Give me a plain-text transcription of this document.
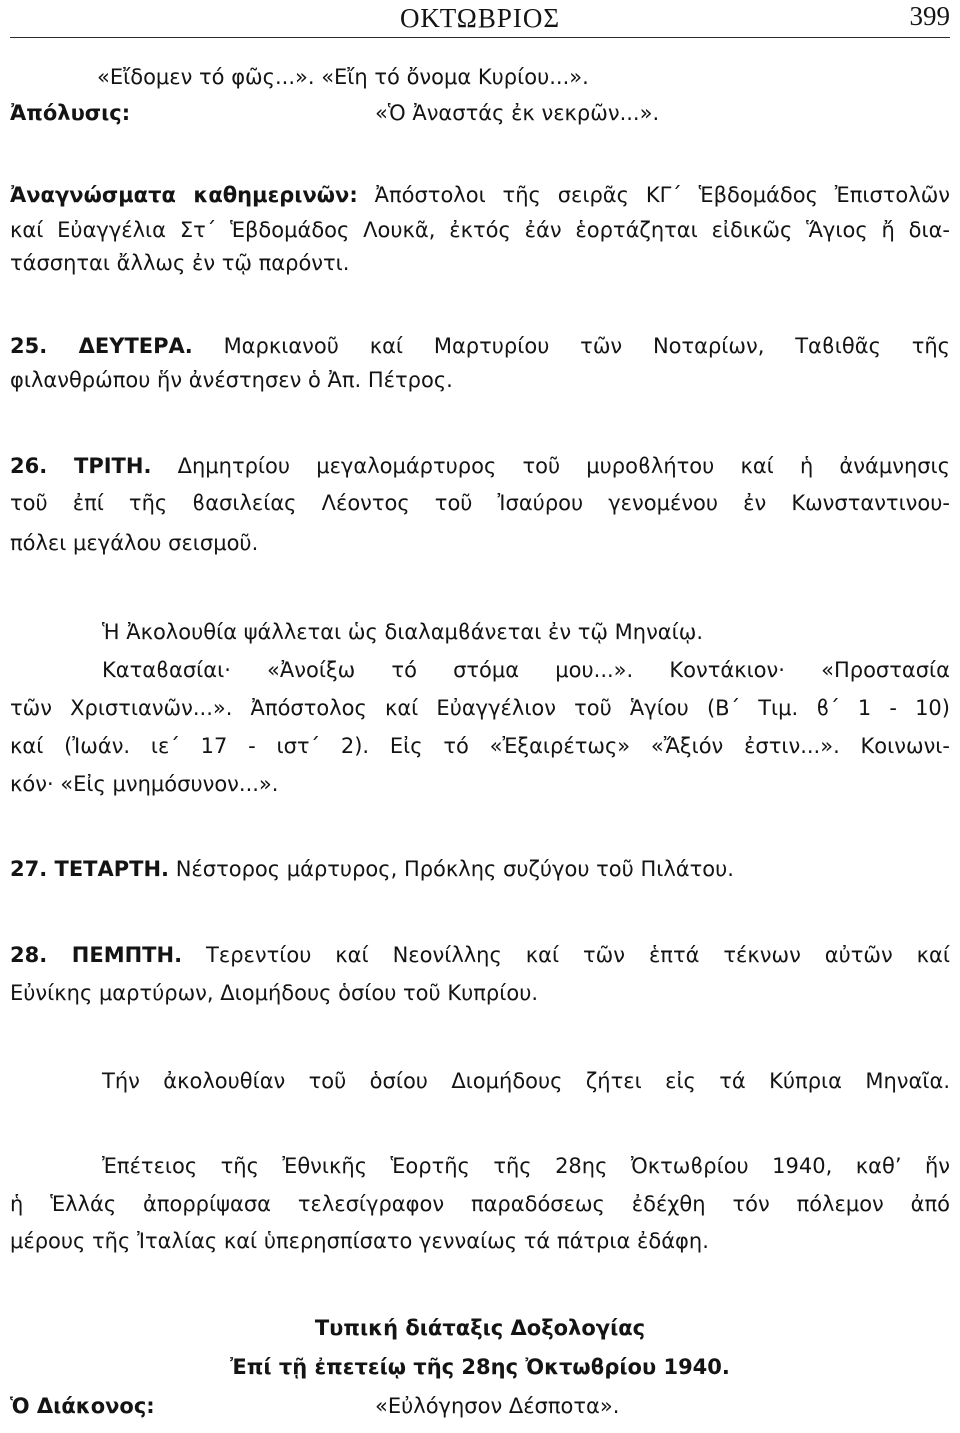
ΟΚΤΩΒΡΙΟΣ	399
«Εἴδομεν τό φῶς...». «Εἴη τό ὄνομα Κυρίου...».
Ἀπόλυσις:	«Ὁ Ἀναστάς ἐκ νεκρῶν...».
Ἀναγνώσματα καθημερινῶν: Ἀπόστολοι τῆς σειρᾶς ΚΓ΄ Ἑβδομάδος Ἐπιστολῶν
καί Εὐαγγέλια Στ΄ Ἑβδομάδος Λουκᾶ, ἐκτός ἐάν ἑορτάζηται εἰδικῶς Ἅγιος ἤ δια-
τάσσηται ἄλλως ἐν τῷ παρόντι.
25. ΔΕΥΤΕΡΑ. Μαρκιανοῦ καί Μαρτυρίου τῶν Νοταρίων, Ταϐιθᾶς τῆς
φιλανθρώπου ἥν ἀνέστησεν ὁ Ἀπ. Πέτρος.
26. ΤΡΙΤΗ. Δημητρίου μεγαλομάρτυρος τοῦ μυροϐλήτου καί ἡ ἀνάμνησις
τοῦ ἐπί τῆς ϐασιλείας Λέοντος τοῦ Ἰσαύρου γενομένου ἐν Κωνσταντινου-
πόλει μεγάλου σεισμοῦ.
Ἡ Ἀκολουθία ψάλλεται ὡς διαλαμϐάνεται ἐν τῷ Μηναίῳ.
Καταϐασίαι· «Ἀνοίξω τό στόμα μου...». Κοντάκιον· «Προστασία
τῶν Χριστιανῶν...». Ἀπόστολος καί Εὐαγγέλιον τοῦ Ἁγίου (Β΄ Τιμ. ϐ΄ 1 - 10)
καί (Ἰωάν. ιε΄ 17 - ιστ΄ 2). Εἰς τό «Ἐξαιρέτως» «Ἄξιόν ἐστιν...». Κοινωνι-
κόν· «Εἰς μνημόσυνον...».
27. ΤΕΤΑΡΤΗ. Νέστορος μάρτυρος, Πρόκλης συζύγου τοῦ Πιλάτου.
28. ΠΕΜΠΤΗ. Τερεντίου καί Νεονίλλης καί τῶν ἑπτά τέκνων αὐτῶν καί
Εὐνίκης μαρτύρων, Διομήδους ὁσίου τοῦ Κυπρίου.
Τήν ἀκολουθίαν τοῦ ὁσίου Διομήδους ζήτει εἰς τά Κύπρια Μηναῖα.
Ἐπέτειος τῆς Ἐθνικῆς Ἑορτῆς τῆς 28ης Ὀκτωϐρίου 1940, καθ’ ἥν
ἡ Ἑλλάς ἀπορρίψασα τελεσίγραφον παραδόσεως ἐδέχθη τόν πόλεμον ἀπό
μέρους τῆς Ἰταλίας καί ὑπερησπίσατο γενναίως τά πάτρια ἐδάφη.
Τυπική διάταξις Δοξολογίας
Ἐπί τῇ ἐπετείῳ τῆς 28ης Ὀκτωϐρίου 1940.
Ὁ Διάκονος:	«Εὐλόγησον Δέσποτα».
